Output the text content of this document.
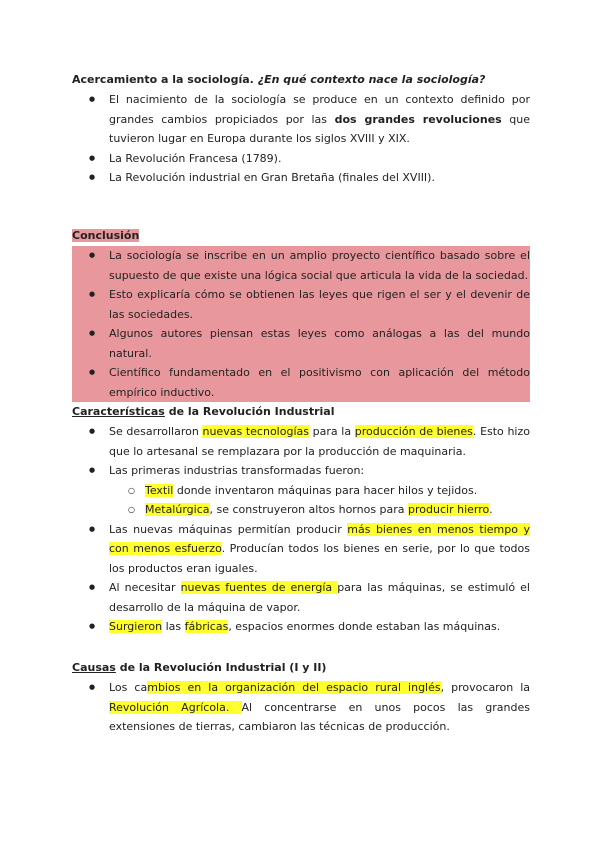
Acercamiento a la sociología. ¿En qué contexto nace la sociología?

● El nacimiento de la sociología se produce en un contexto definido por grandes cambios propiciados por las dos grandes revoluciones que tuvieron lugar en Europa durante los siglos XVIII y XIX.
● La Revolución Francesa (1789).
● La Revolución industrial en Gran Bretaña (finales del XVIII).

Conclusión

● La sociología se inscribe en un amplio proyecto científico basado sobre el supuesto de que existe una lógica social que articula la vida de la sociedad.
● Esto explicaría cómo se obtienen las leyes que rigen el ser y el devenir de las sociedades.
● Algunos autores piensan estas leyes como análogas a las del mundo natural.
● Científico fundamentado en el positivismo con aplicación del método empírico inductivo.

Características de la Revolución Industrial

● Se desarrollaron nuevas tecnologías para la producción de bienes. Esto hizo que lo artesanal se remplazara por la producción de maquinaria.
● Las primeras industrias transformadas fueron:
○ Textil donde inventaron máquinas para hacer hilos y tejidos.
○ Metalúrgica, se construyeron altos hornos para producir hierro.
● Las nuevas máquinas permitían producir más bienes en menos tiempo y con menos esfuerzo. Producían todos los bienes en serie, por lo que todos los productos eran iguales.
● Al necesitar nuevas fuentes de energía para las máquinas, se estimuló el desarrollo de la máquina de vapor.
● Surgieron las fábricas, espacios enormes donde estaban las máquinas.

Causas de la Revolución Industrial (I y II)

● Los cambios en la organización del espacio rural inglés, provocaron la Revolución Agrícola. Al concentrarse en unos pocos las grandes extensiones de tierras, cambiaron las técnicas de producción.
